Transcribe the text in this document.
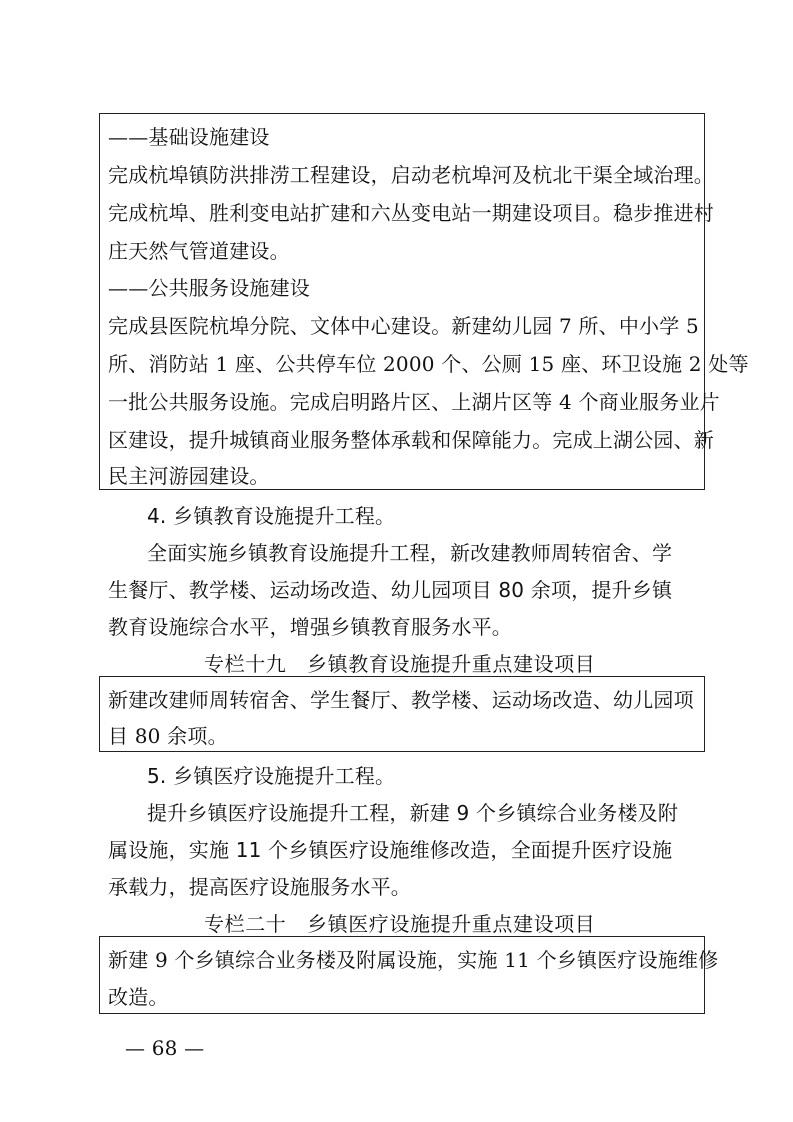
——基础设施建设
完成杭埠镇防洪排涝工程建设，启动老杭埠河及杭北干渠全域治理。
完成杭埠、胜利变电站扩建和六丛变电站一期建设项目。稳步推进村
庄天然气管道建设。
——公共服务设施建设
完成县医院杭埠分院、文体中心建设。新建幼儿园 7 所、中小学 5
所、消防站 1 座、公共停车位 2000 个、公厕 15 座、环卫设施 2 处等
一批公共服务设施。完成启明路片区、上湖片区等 4 个商业服务业片
区建设，提升城镇商业服务整体承载和保障能力。完成上湖公园、新
民主河游园建设。
4. 乡镇教育设施提升工程。
全面实施乡镇教育设施提升工程，新改建教师周转宿舍、学
生餐厅、教学楼、运动场改造、幼儿园项目 80 余项，提升乡镇
教育设施综合水平，增强乡镇教育服务水平。
专栏十九　乡镇教育设施提升重点建设项目
新建改建师周转宿舍、学生餐厅、教学楼、运动场改造、幼儿园项
目 80 余项。
5. 乡镇医疗设施提升工程。
提升乡镇医疗设施提升工程，新建 9 个乡镇综合业务楼及附
属设施，实施 11 个乡镇医疗设施维修改造，全面提升医疗设施
承载力，提高医疗设施服务水平。
专栏二十　乡镇医疗设施提升重点建设项目
新建 9 个乡镇综合业务楼及附属设施，实施 11 个乡镇医疗设施维修
改造。
— 68 —
